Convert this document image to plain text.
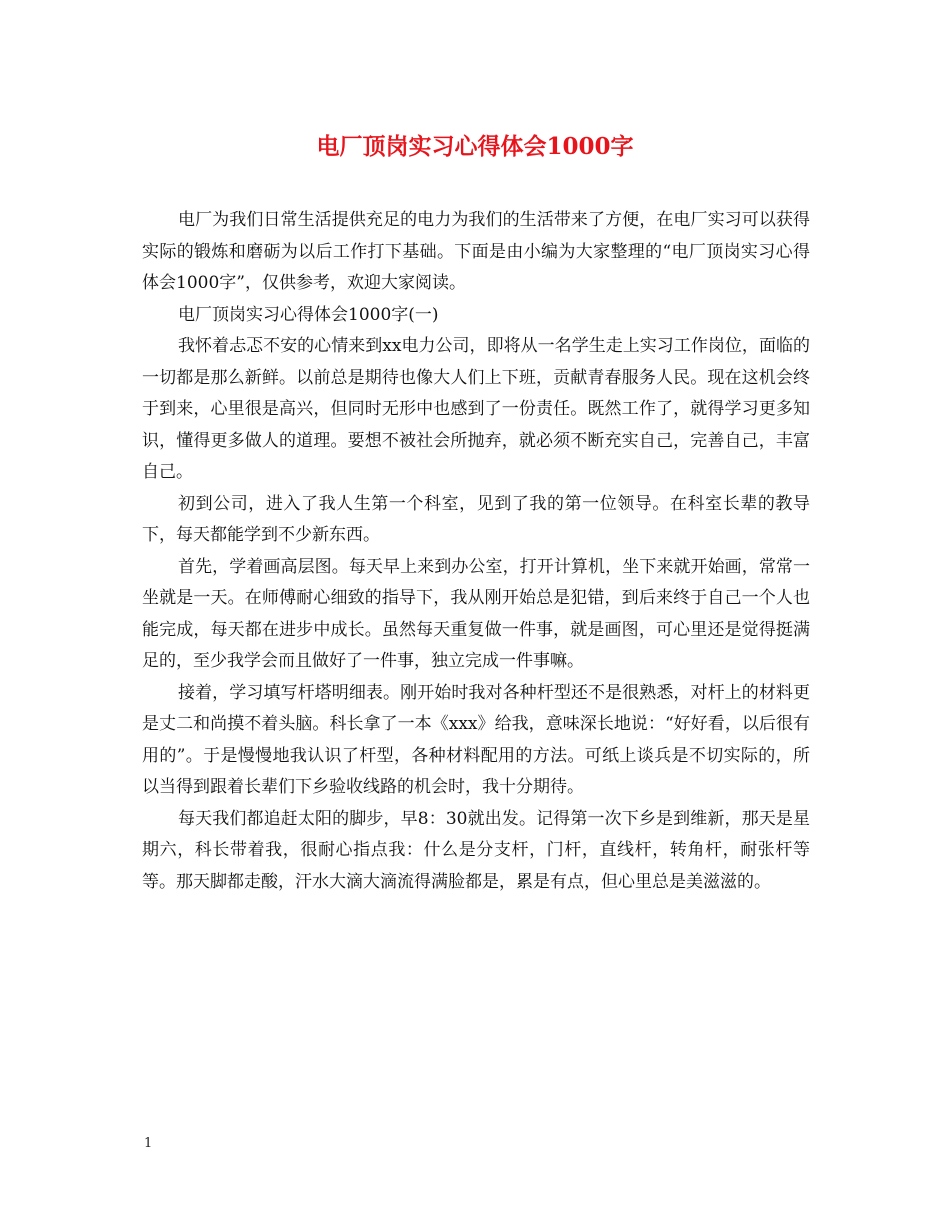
电厂顶岗实习心得体会1000字

电厂为我们日常生活提供充足的电力为我们的生活带来了方便，在电厂实习可以获得实际的锻炼和磨砺为以后工作打下基础。下面是由小编为大家整理的“电厂顶岗实习心得体会1000字”，仅供参考，欢迎大家阅读。

电厂顶岗实习心得体会1000字(一)

我怀着忐忑不安的心情来到xx电力公司，即将从一名学生走上实习工作岗位，面临的一切都是那么新鲜。以前总是期待也像大人们上下班，贡献青春服务人民。现在这机会终于到来，心里很是高兴，但同时无形中也感到了一份责任。既然工作了，就得学习更多知识，懂得更多做人的道理。要想不被社会所抛弃，就必须不断充实自己，完善自己，丰富自己。

初到公司，进入了我人生第一个科室，见到了我的第一位领导。在科室长辈的教导下，每天都能学到不少新东西。

首先，学着画高层图。每天早上来到办公室，打开计算机，坐下来就开始画，常常一坐就是一天。在师傅耐心细致的指导下，我从刚开始总是犯错，到后来终于自己一个人也能完成，每天都在进步中成长。虽然每天重复做一件事，就是画图，可心里还是觉得挺满足的，至少我学会而且做好了一件事，独立完成一件事嘛。

接着，学习填写杆塔明细表。刚开始时我对各种杆型还不是很熟悉，对杆上的材料更是丈二和尚摸不着头脑。科长拿了一本《xxx》给我，意味深长地说：“好好看，以后很有用的”。于是慢慢地我认识了杆型，各种材料配用的方法。可纸上谈兵是不切实际的，所以当得到跟着长辈们下乡验收线路的机会时，我十分期待。

每天我们都追赶太阳的脚步，早8：30就出发。记得第一次下乡是到维新，那天是星期六，科长带着我，很耐心指点我：什么是分支杆，门杆，直线杆，转角杆，耐张杆等等。那天脚都走酸，汗水大滴大滴流得满脸都是，累是有点，但心里总是美滋滋的。

1
